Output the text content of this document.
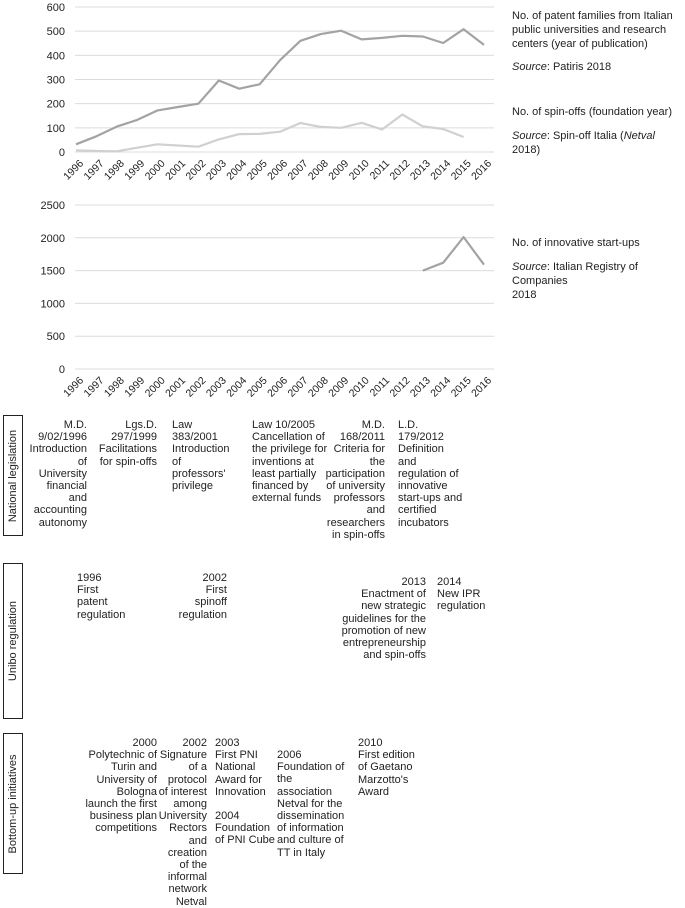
0
100
200
300
400
500
600
1996
1997
1998
1999
2000
2001
2002
2003
2004
2005
2006
2007
2008
2009
2010
2011
2012
2013
2014
2015
2016
0
500
1000
1500
2000
2500
1996
1997
1998
1999
2000
2001
2002
2003
2004
2005
2006
2007
2008
2009
2010
2011
2012
2013
2014
2015
2016
No. of patent families from Italian
public universities and research
centers (year of publication)
Source: Patiris 2018
No. of spin-offs (foundation year)
Source: Spin-off Italia (Netval 2018)
No. of innovative start-ups
Source: Italian Registry of Companies
2018
National legislation
Unibo regulation
Bottom-up initiatives
M.D.
9/02/1996
Introduction
of
University
financial
and
accounting
autonomy
Lgs.D.
297/1999
Facilitations
for spin-offs
Law
383/2001
Introduction
of
professors'
privilege
Law 10/2005
Cancellation of
the privilege for
inventions at
least partially
financed by
external funds
M.D.
168/2011
Criteria for
the
participation
of university
professors
and
researchers
in spin-offs
L.D.
179/2012
Definition
and
regulation of
innovative
start-ups and
certified
incubators
1996
First
patent
regulation
2002
First
spinoff
regulation
2013
Enactment of
new strategic
guidelines for the
promotion of new
entrepreneurship
and spin-offs
2014
New IPR
regulation
2000
Polytechnic of
Turin and
University of
Bologna
launch the first
business plan
competitions
2002
Signature
of a
protocol
of interest
among
University
Rectors
and
creation
of the
informal
network
Netval
2003
First PNI
National
Award for
Innovation
2004
Foundation
of PNI Cube
2006
Foundation of
the
association
Netval for the
dissemination
of information
and culture of
TT in Italy
2010
First edition
of Gaetano
Marzotto's
Award
